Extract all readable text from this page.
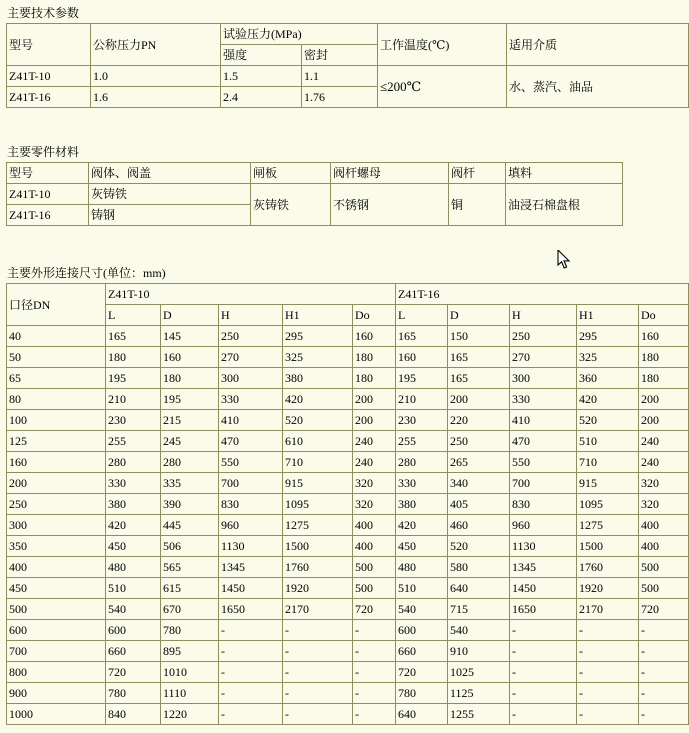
主要技术参数
型号	公称压力PN	试验压力(MPa)		工作温度(℃)	适用介质
		强度	密封		
Z41T-10	1.0	1.5	1.1	≤200℃	水、蒸汽、油品
Z41T-16	1.6	2.4	1.76		
主要零件材料
型号	阀体、阀盖	闸板	阀杆螺母	阀杆	填料
Z41T-10	灰铸铁	灰铸铁	不锈钢	铜	油浸石棉盘根
Z41T-16	铸钢				
主要外形连接尺寸(单位：mm)
口径DN	Z41T-10					Z41T-16				
	L	D	H	H1	Do	L	D	H	H1	Do
40	165	145	250	295	160	165	150	250	295	160
50	180	160	270	325	180	160	165	270	325	180
65	195	180	300	380	180	195	165	300	360	180
80	210	195	330	420	200	210	200	330	420	200
100	230	215	410	520	200	230	220	410	520	200
125	255	245	470	610	240	255	250	470	510	240
160	280	280	550	710	240	280	265	550	710	240
200	330	335	700	915	320	330	340	700	915	320
250	380	390	830	1095	320	380	405	830	1095	320
300	420	445	960	1275	400	420	460	960	1275	400
350	450	506	1130	1500	400	450	520	1130	1500	400
400	480	565	1345	1760	500	480	580	1345	1760	500
450	510	615	1450	1920	500	510	640	1450	1920	500
500	540	670	1650	2170	720	540	715	1650	2170	720
600	600	780	-	-	-	600	540	-	-	-
700	660	895	-	-	-	660	910	-	-	-
800	720	1010	-	-	-	720	1025	-	-	-
900	780	1110	-	-	-	780	1125	-	-	-
1000	840	1220	-	-	-	640	1255	-	-	-
